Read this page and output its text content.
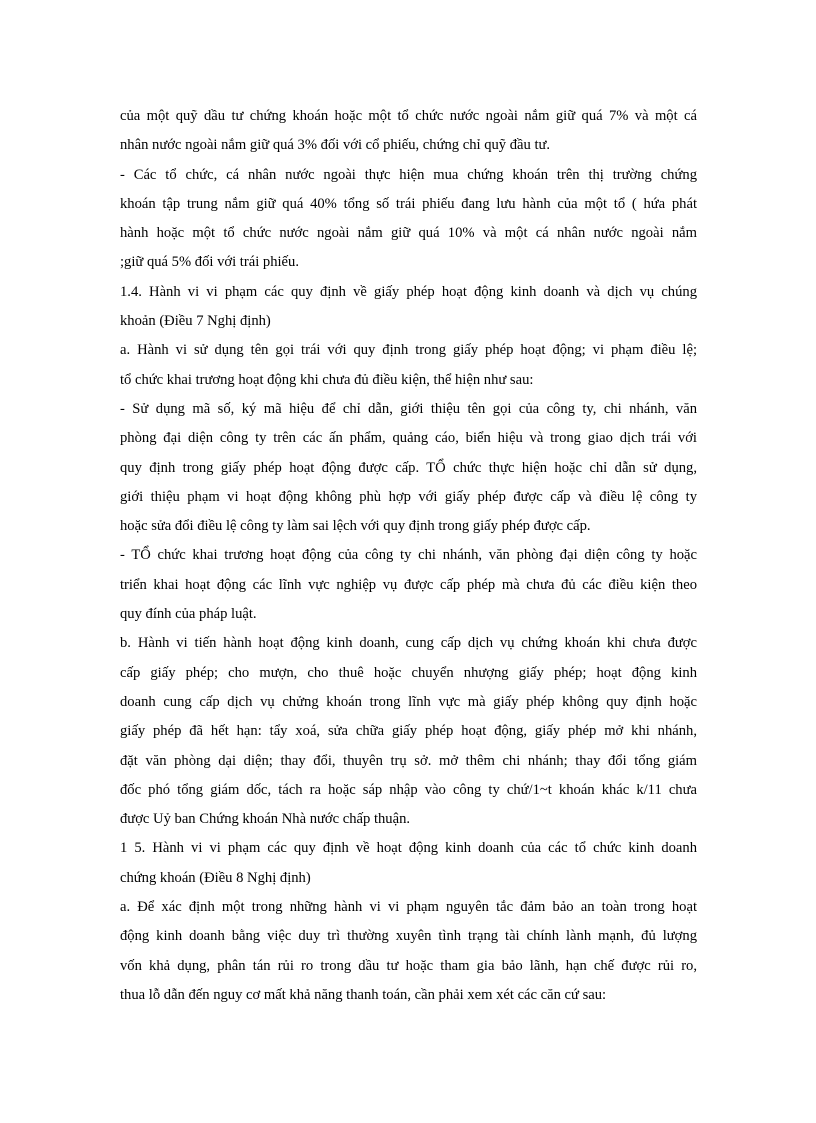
của một quỹ dầu tư chứng khoán hoặc một tổ chức nước ngoài nắm giữ quá 7% và một cá
nhân nước ngoài nắm giữ quá 3% đối với cổ phiếu, chứng chỉ quỹ đầu tư.
- Các tổ chức, cá nhân nước ngoài thực hiện mua chứng khoán trên thị trường chứng
khoán tập trung nắm giữ quá 40% tổng số trái phiếu đang lưu hành của một tổ ( hứa phát
hành hoặc một tổ chức nước ngoài nắm giữ quá 10% và một cá nhân nước ngoài nắm
;giữ quá 5% đối với trái phiếu.
1.4. Hành vi vi phạm các quy định về giấy phép hoạt động kinh doanh và dịch vụ chúng
khoản (Điều 7 Nghị định)
a. Hành vi sử dụng tên gọi trái với quy định trong giấy phép hoạt động; vi phạm điều lệ;
tổ chức khai trương hoạt động khi chưa đủ điều kiện, thể hiện như sau:
- Sử dụng mã số, ký mã hiệu để chỉ dẫn, giới thiệu tên gọi của công ty, chi nhánh, văn
phòng đại diện công ty trên các ấn phẩm, quảng cáo, biển hiệu và trong giao dịch trái với
quy định trong giấy phép hoạt động được cấp. TỔ chức thực hiện hoặc chỉ dẫn sử dụng,
giới thiệu phạm vi hoạt động không phù hợp với giấy phép được cấp và điều lệ công ty
hoặc sửa đổi điều lệ công ty làm sai lệch với quy định trong giấy phép được cấp.
- TỔ chức khai trương hoạt động của công ty chi nhánh, văn phòng đại diện công ty hoặc
triển khai hoạt động các lĩnh vực nghiệp vụ được cấp phép mà chưa đủ các điều kiện theo
quy đính của pháp luật.
b. Hành vi tiến hành hoạt động kinh doanh, cung cấp dịch vụ chứng khoán khi chưa được
cấp giấy phép; cho mượn, cho thuê hoặc chuyển nhượng giấy phép; hoạt động kinh
doanh cung cấp dịch vụ chửng khoán trong lĩnh vực mà giấy phép không quy định hoặc
giấy phép đã hết hạn: tẩy xoá, sửa chữa giấy phép hoạt động, giấy phép mở khi nhánh,
đặt văn phòng dại diện; thay đổi, thuyên trụ sở. mở thêm chi nhánh; thay đổi tổng giám
đốc phó tổng giám dốc, tách ra hoặc sáp nhập vào công ty chứ/1~t khoán khác k/11 chưa
được Uỷ ban Chứng khoán Nhà nước chấp thuận.
1 5. Hành vi vi phạm các quy định về hoạt động kinh doanh của các tổ chức kinh doanh
chứng khoán (Điều 8 Nghị định)
a. Để xác định một trong những hành vi vi phạm nguyên tắc đảm bảo an toàn trong hoạt
động kinh doanh bằng việc duy trì thường xuyên tình trạng tài chính lành mạnh, đủ lượng
vốn khả dụng, phân tán rủi ro trong dầu tư hoặc tham gia bảo lãnh, hạn chế được rủi ro,
thua lỗ dẫn đến nguy cơ mất khả năng thanh toán, cần phải xem xét các căn cứ sau:
